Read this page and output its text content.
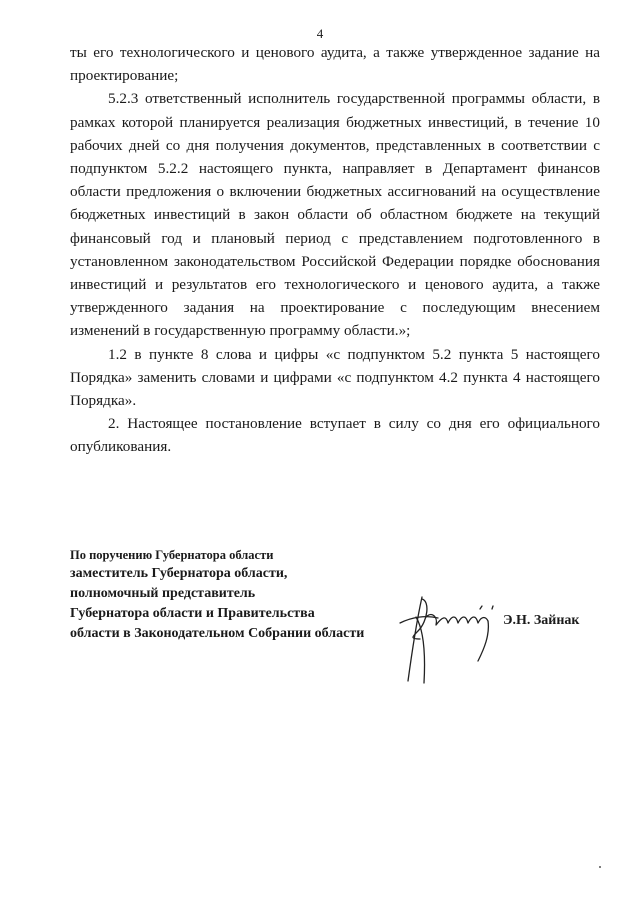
4

ты его технологического и ценового аудита, а также утвержденное задание на проектирование;

5.2.3 ответственный исполнитель государственной программы области, в рамках которой планируется реализация бюджетных инвестиций, в течение 10 рабочих дней со дня получения документов, представленных в соответствии с подпунктом 5.2.2 настоящего пункта, направляет в Департамент финансов области предложения о включении бюджетных ассигнований на осуществление бюджетных инвестиций в закон области об областном бюджете на текущий финансовый год и плановый период с представлением подготовленного в установленном законодательством Российской Федерации порядке обоснования инвестиций и результатов его технологического и ценового аудита, а также утвержденного задания на проектирование с последующим внесением изменений в государственную программу области.»;

1.2 в пункте 8 слова и цифры «с подпунктом 5.2 пункта 5 настоящего Порядка» заменить словами и цифрами «с подпунктом 4.2 пункта 4 настоящего Порядка».

2. Настоящее постановление вступает в силу со дня его официального опубликования.

По поручению Губернатора области
заместитель Губернатора области,
полномочный представитель
Губернатора области и Правительства
области в Законодательном Собрании области
Э.Н. Зайнак
